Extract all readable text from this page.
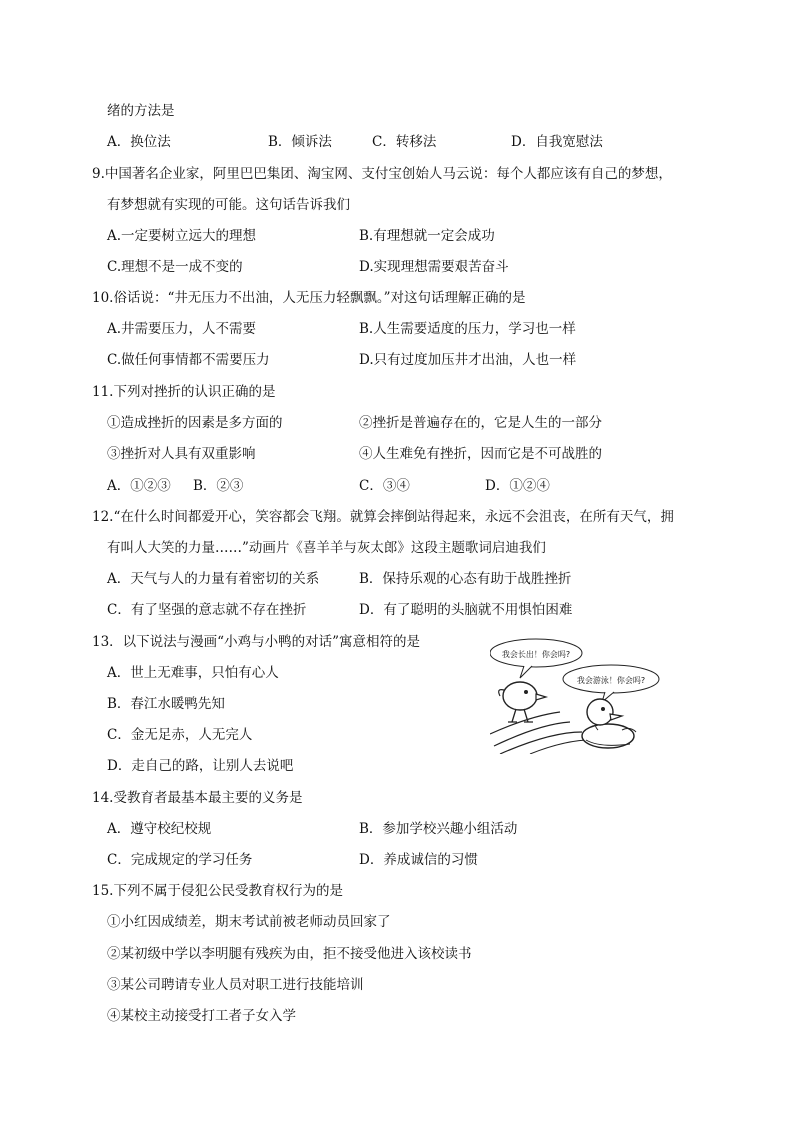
绪的方法是
A．换位法	B．倾诉法	C．转移法	D．自我宽慰法
9.中国著名企业家，阿里巴巴集团、淘宝网、支付宝创始人马云说：每个人都应该有自己的梦想，
有梦想就有实现的可能。这句话告诉我们
A.一定要树立远大的理想	B.有理想就一定会成功
C.理想不是一成不变的	D.实现理想需要艰苦奋斗
10.俗话说：“井无压力不出油，人无压力轻飘飘。”对这句话理解正确的是
A.井需要压力，人不需要	B.人生需要适度的压力，学习也一样
C.做任何事情都不需要压力	D.只有过度加压井才出油，人也一样
11.下列对挫折的认识正确的是
①造成挫折的因素是多方面的	②挫折是普遍存在的，它是人生的一部分
③挫折对人具有双重影响	④人生难免有挫折，因而它是不可战胜的
A．①②③ B．②③	C．③④	D．①②④
12.“在什么时间都爱开心，笑容都会飞翔。就算会摔倒站得起来，永远不会沮丧，在所有天气，拥
有叫人大笑的力量……”动画片《喜羊羊与灰太郎》这段主题歌词启迪我们
A．天气与人的力量有着密切的关系	B．保持乐观的心态有助于战胜挫折
C．有了坚强的意志就不存在挫折	D．有了聪明的头脑就不用惧怕困难
13．以下说法与漫画“小鸡与小鸭的对话”寓意相符的是
A．世上无难事，只怕有心人
B．春江水暖鸭先知
C．金无足赤，人无完人
D．走自己的路，让别人去说吧
我会长出！你会吗?
我会游泳！你会吗?
14.受教育者最基本最主要的义务是
A．遵守校纪校规	B．参加学校兴趣小组活动
C．完成规定的学习任务	D．养成诚信的习惯
15.下列不属于侵犯公民受教育权行为的是
①小红因成绩差，期末考试前被老师动员回家了
②某初级中学以李明腿有残疾为由，拒不接受他进入该校读书
③某公司聘请专业人员对职工进行技能培训
④某校主动接受打工者子女入学
